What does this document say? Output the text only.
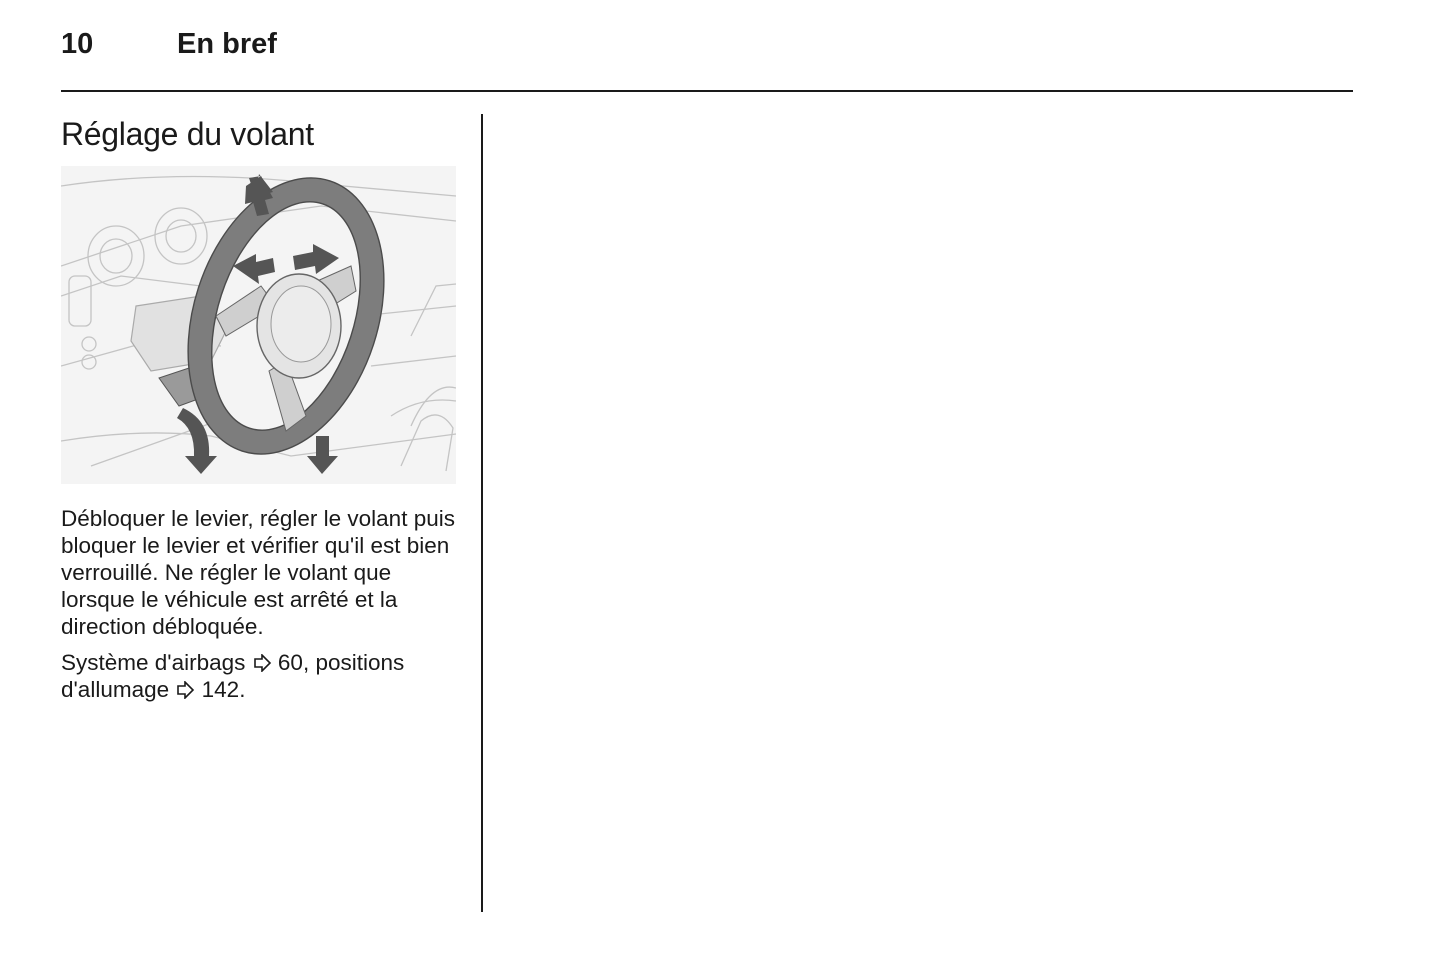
10	En bref
Réglage du volant

Débloquer le levier, régler le volant puis bloquer le levier et vérifier qu'il est bien verrouillé. Ne régler le volant que lorsque le véhicule est arrêté et la direction débloquée.

Système d'airbags 60, positions d'allumage 142.
